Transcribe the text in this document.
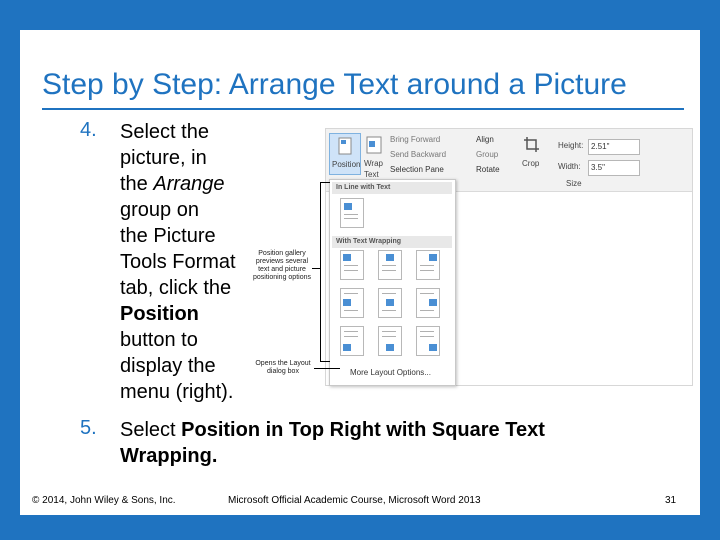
Step by Step: Arrange Text around a Picture
4. Select the
picture, in
the Arrange
group on
the Picture
Tools Format
tab, click the
Position
button to
display the
menu (right).
5. Select Position in Top Right with Square Text
Wrapping.
Position Wrap
Text
Bring Forward
Send Backward
Selection Pane
Align
Group
Rotate
Crop
Height: 2.51"
Width:	3.5"
Size
In Line with Text
With Text Wrapping
More Layout Options...
Position gallery
previews several
text and picture
positioning options
Opens the Layout
dialog box
© 2014, John Wiley & Sons, Inc.	Microsoft Official Academic Course, Microsoft Word 2013	31
